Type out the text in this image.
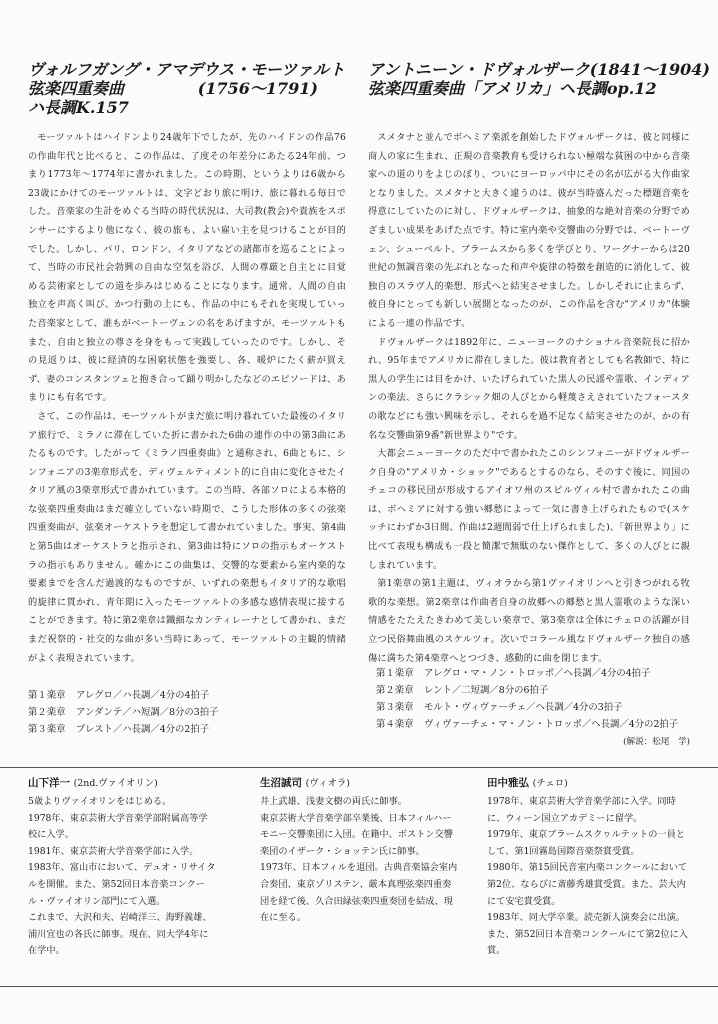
ヴォルフガング・アマデウス・モーツァルト
弦楽四重奏曲	(1756～1791)
ハ長調K.157

モーツァルトはハイドンより24歳年下でしたが、先のハイドンの作品76の作曲年代と比べると、この作品は、了度その年差分にあたる24年前、つまり1773年～1774年に書かれました。この時期、というよりは6歳から23歳にかけてのモーツァルトは、文字どおり旅に明け、旅に暮れる毎日でした。音楽家の生計をめぐる当時の時代状況は、大司教(教会)や貴族をスポンサーにするより他になく、彼の旅も、よい雇い主を見つけることが目的でした。しかし、パリ、ロンドン、イタリアなどの諸都市を巡ることによって、当時の市民社会勃興の自由な空気を浴び、人間の尊厳と自主とに目覚める芸術家としての道を歩みはじめることになります。通常、人間の自由独立を声高く叫び、かつ行動の上にも、作品の中にもそれを実現していった音楽家として、誰もがベートーヴェンの名をあげますが、モーツァルトもまた、自由と独立の尊さを身をもって実践していったのです。しかし、その見返りは、彼に経済的な困窮状態を強要し、各、暖炉にたく薪が買えず、妻のコンスタンツェと抱き合って踊り明かしたなどのエピソードは、あまりにも有名です。

さて、この作品は、モーツァルトがまだ旅に明け暮れていた最後のイタリア旅行で、ミラノに滞在していた折に書かれた6曲の連作の中の第3曲にあたるものです。したがって《ミラノ四重奏曲》と通称され、6曲ともに、シンフォニアの3楽章形式を、ディヴェルティメント的に自由に変化させたイタリア風の3楽章形式で書かれています。この当時、各部ソロによる本格的な弦楽四重奏曲はまだ確立していない時期で、こうした形体の多くの弦楽四重奏曲が、弦楽オーケストラを想定して書かれていました。事実、第4曲と第5曲はオーケストラと指示され、第3曲は特にソロの指示もオーケストラの指示もありません。確かにこの曲集は、交響的な要素から室内楽的な要素までを含んだ過渡的なものですが、いずれの楽想もイタリア的な歌唱的旋律に貫かれ、青年期に入ったモーツァルトの多感な感情表現に接することができます。特に第2楽章は鐵細なカンティレーナとして書かれ、まだまだ祝祭的・社交的な曲が多い当時にあって、モーツァルトの主観的情緒がよく表現されています。

第１楽章	アレグロ／ハ長調／4分の4拍子
第２楽章	アンダンテ／ハ短調／8分の3拍子
第３楽章	プレスト／ハ長調／4分の2拍子
アントニーン・ドヴォルザーク(1841～1904)
弦楽四重奏曲「アメリカ」ヘ長調op.12

スメタナと並んでボヘミア楽派を創始したドヴォルザークは、彼と同様に商人の家に生まれ、正規の音楽教育も受けられない極端な貧困の中から音楽家への道のりをよじのぼり、ついにヨーロッパ中にその名が広がる大作曲家となりました。スメタナと大きく違うのは、彼が当時盛んだった標題音楽を得意にしていたのに対し、ドヴォルザークは、抽象的な絶対音楽の分野でめざましい成果をあげた点です。特に室内楽や交響曲の分野では、ベートーヴェン、シューベルト、ブラームスから多くを学びとり、ワーグナーからは20世紀の無調音楽の先ぶれとなった和声や旋律の特徴を創造的に消化して、彼独自のスラヴ人的楽想、形式へと結実させました。しかしそれに止まらず、彼自身にとっても新しい展開となったのが、この作品を含む"アメリカ"体験による一連の作品です。

ドヴォルザークは1892年に、ニューヨークのナショナル音楽院長に招かれ、95年までアメリカに滞在しました。彼は教育者としても名教師で、特に黒人の学生には目をかけ、いたげられていた黒人の民謡や霊歌、インディアンの楽法、さらにクラシック畑の人びとから軽蔑さえされていたフォースタの歌などにも強い興味を示し、それらを過不足なく結実させたのが、かの有名な交響曲第9番"新世界より"です。

大都会ニューヨークのただ中で書かれたこのシンフォニーがドヴォルザーク自身の"アメリカ・ショック"であるとするのなら、そのすぐ後に、同国のチェコの移民団が形成するアイオワ州のスピルヴィル村で書かれたこの曲は、ボヘミアに対する強い郷愁によって一気に書き上げられたもので(スケッチにわずか3日間、作曲は2週間弱で仕上げられました)、「新世界より」に比べて表現も構成も一段と簡潔で無駄のない傑作として、多くの人びとに親しまれています。

第1楽章の第1主題は、ヴィオラから第1ヴァイオリンへと引きつがれる牧歌的な楽想。第2楽章は作曲者自身の故郷への郷愁と黒人霊歌のような深い情感をたたえたきわめて美しい楽章で、第3楽章は全体にチェロの活躍が目立つ民俗舞曲風のスケルツォ。次いでコラール風なドヴォルザーク独自の感傷に満ちた第4楽章へとつづき、感動的に曲を閉じます。

第１楽章	アレグロ・マ・ノン・トロッポ／ヘ長調／4分の4拍子
第２楽章	レント／二短調／8分の6拍子
第３楽章	モルト・ヴィヴァーチェ／ヘ長調／4分の3拍子
第４楽章	ヴィヴァーチェ・マ・ノン・トロッポ／ヘ長調／4分の2拍子
(解説：松尾　学)
山下洋一 (2nd.ヴァイオリン)

5歳よりヴァイオリンをはじめる。
1978年、東京芸術大学音楽学部附属高等学校に入学。
1981年、東京芸術大学音楽学部に入学。
1983年、富山市において、デュオ・リサイタルを開催。また、第52回日本音楽コンクール・ヴァイオリン部門にて入選。
これまで、大沢和夫、岩崎洋三、海野義雄、浦川宜也の各氏に師事。現在、同大学4年に在学中。

生沼誠司 (ヴィオラ)

井上武雄、浅妻文樹の両氏に師事。
東京芸術大学音楽学部卒業後、日本フィルハーモニー交響楽団に入団。在籍中、ボストン交響楽団のイザーク・ショッテン氏に師事。
1973年、日本フィルを退団。古典音楽協会室内合奏団、東京ゾリステン、厳本真理弦楽四重奏団を経て後、久合田緑弦楽四重奏団を結成、現在に至る。

田中雅弘 (チェロ)

1978年、東京芸術大学音楽学部に入学。同時に、ウィーン国立アカデミーに留学。
1979年、東京ブラームスクヮルテットの一員として、第1回霧島国際音楽祭賞受賞。
1980年、第15回民音室内楽コンクールにおいて第2位、ならびに斎藤秀雄賞受賞。また、芸大内にて安宅賞受賞。
1983年、同大学卒業。読売新人演奏会に出演。また、第52回日本音楽コンクールにて第2位に入賞。
